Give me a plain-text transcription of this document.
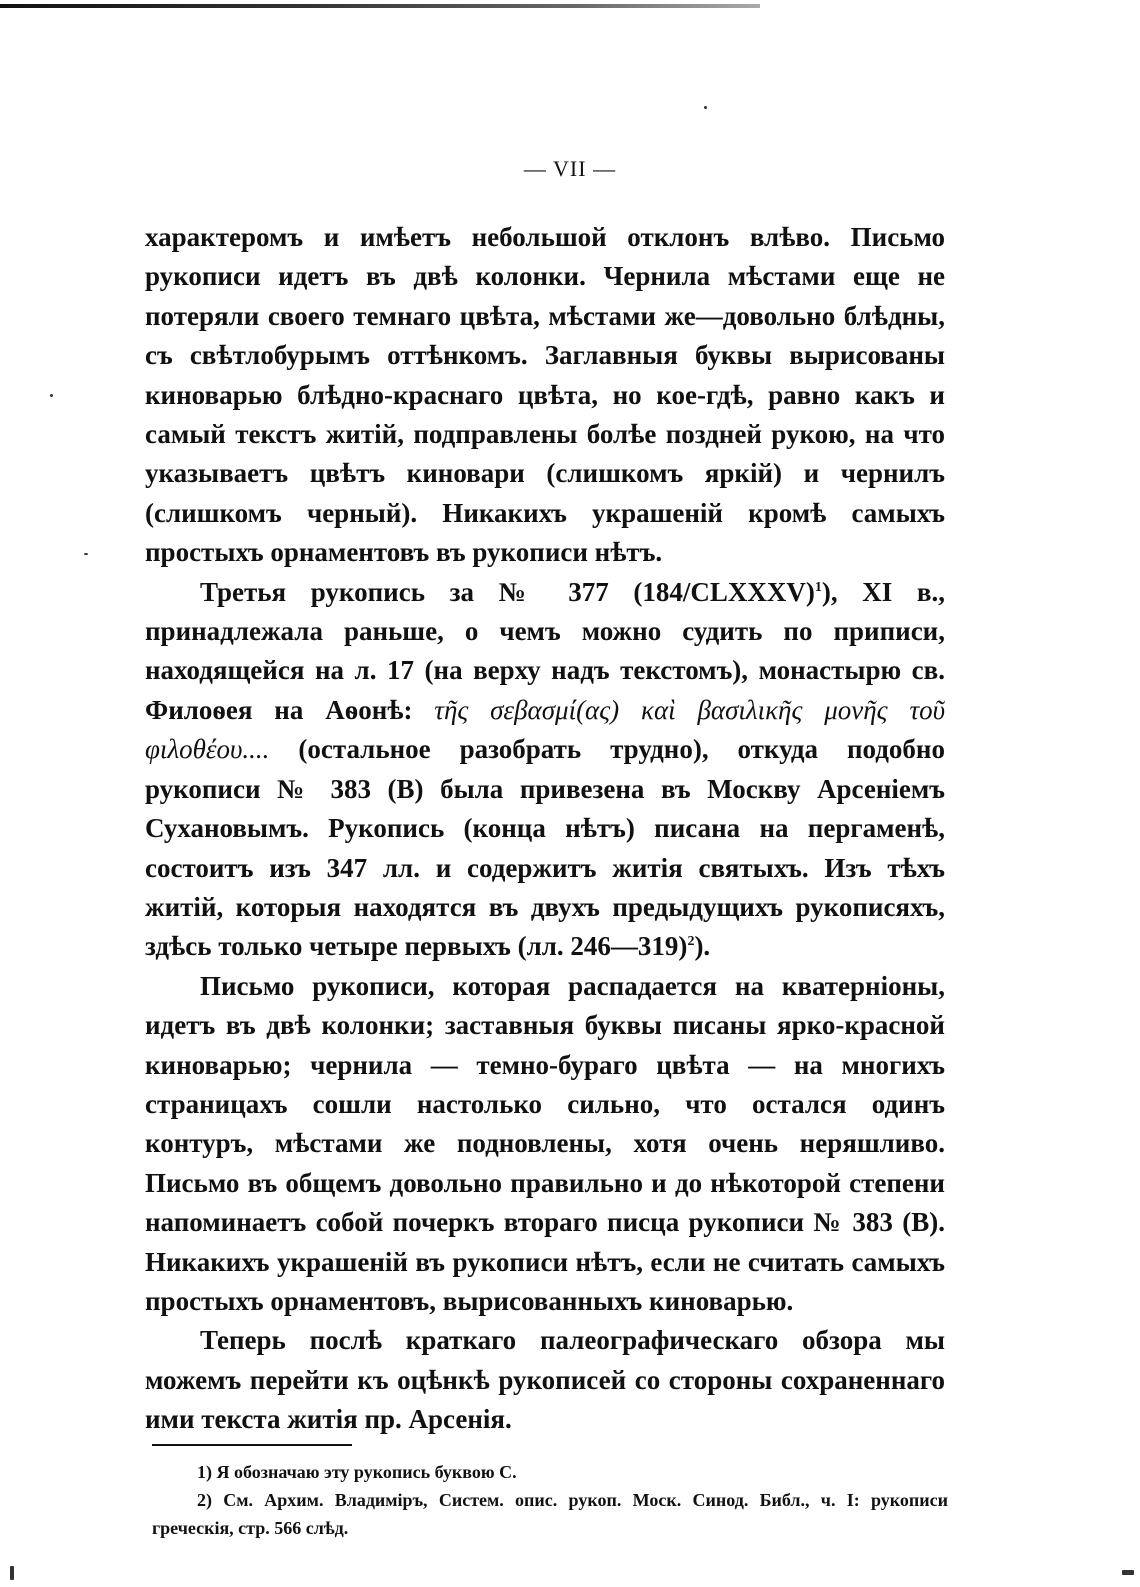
— VII —

характеромъ и имѣетъ небольшой отклонъ влѣво. Письмо рукописи идетъ въ двѣ колонки. Чернила мѣстами еще не потеряли своего темнаго цвѣта, мѣстами же—довольно блѣдны, съ свѣтлобурымъ оттѣнкомъ. Заглавныя буквы вырисованы киноварью блѣдно-краснаго цвѣта, но кое-гдѣ, равно какъ и самый текстъ житій, подправлены болѣе поздней рукою, на что указываетъ цвѣтъ киновари (слишкомъ яркій) и чернилъ (слишкомъ черный). Никакихъ украшеній кромѣ самыхъ простыхъ орнаментовъ въ рукописи нѣтъ.

Третья рукопись за № 377 (184/CLXXXV)$^1$), XI в., принадлежала раньше, о чемъ можно судить по приписи, находящейся на л. 17 (на верху надъ текстомъ), монастырю св. Филоѳея на Аѳонѣ: τῆς σεβασμί(ας) καὶ βασιλικῆς μονῆς τοῦ φιλοθέου.... (остальное разобрать трудно), откуда подобно рукописи № 383 (B) была привезена въ Москву Арсеніемъ Сухановымъ. Рукопись (конца нѣтъ) писана на пергаменѣ, состоитъ изъ 347 лл. и содержитъ житія святыхъ. Изъ тѣхъ житій, которыя находятся въ двухъ предыдущихъ рукописяхъ, здѣсь только четыре первыхъ (лл. 246—319)$^2$).

Письмо рукописи, которая распадается на кватерніоны, идетъ въ двѣ колонки; заставныя буквы писаны ярко-красной киноварью; чернила — темно-бураго цвѣта — на многихъ страницахъ сошли настолько сильно, что остался одинъ контуръ, мѣстами же подновлены, хотя очень неряшливо. Письмо въ общемъ довольно правильно и до нѣкоторой степени напоминаетъ собой почеркъ втораго писца рукописи № 383 (B). Никакихъ украшеній въ рукописи нѣтъ, если не считать самыхъ простыхъ орнаментовъ, вырисованныхъ киноварью.

Теперь послѣ краткаго палеографическаго обзора мы можемъ перейти къ оцѣнкѣ рукописей со стороны сохраненнаго ими текста житія пр. Арсенія.

1) Я обозначаю эту рукопись буквою С.

2) См. Архим. Владиміръ, Систем. опис. рукоп. Моск. Синод. Библ., ч. I: рукописи греческія, стр. 566 слѣд.
